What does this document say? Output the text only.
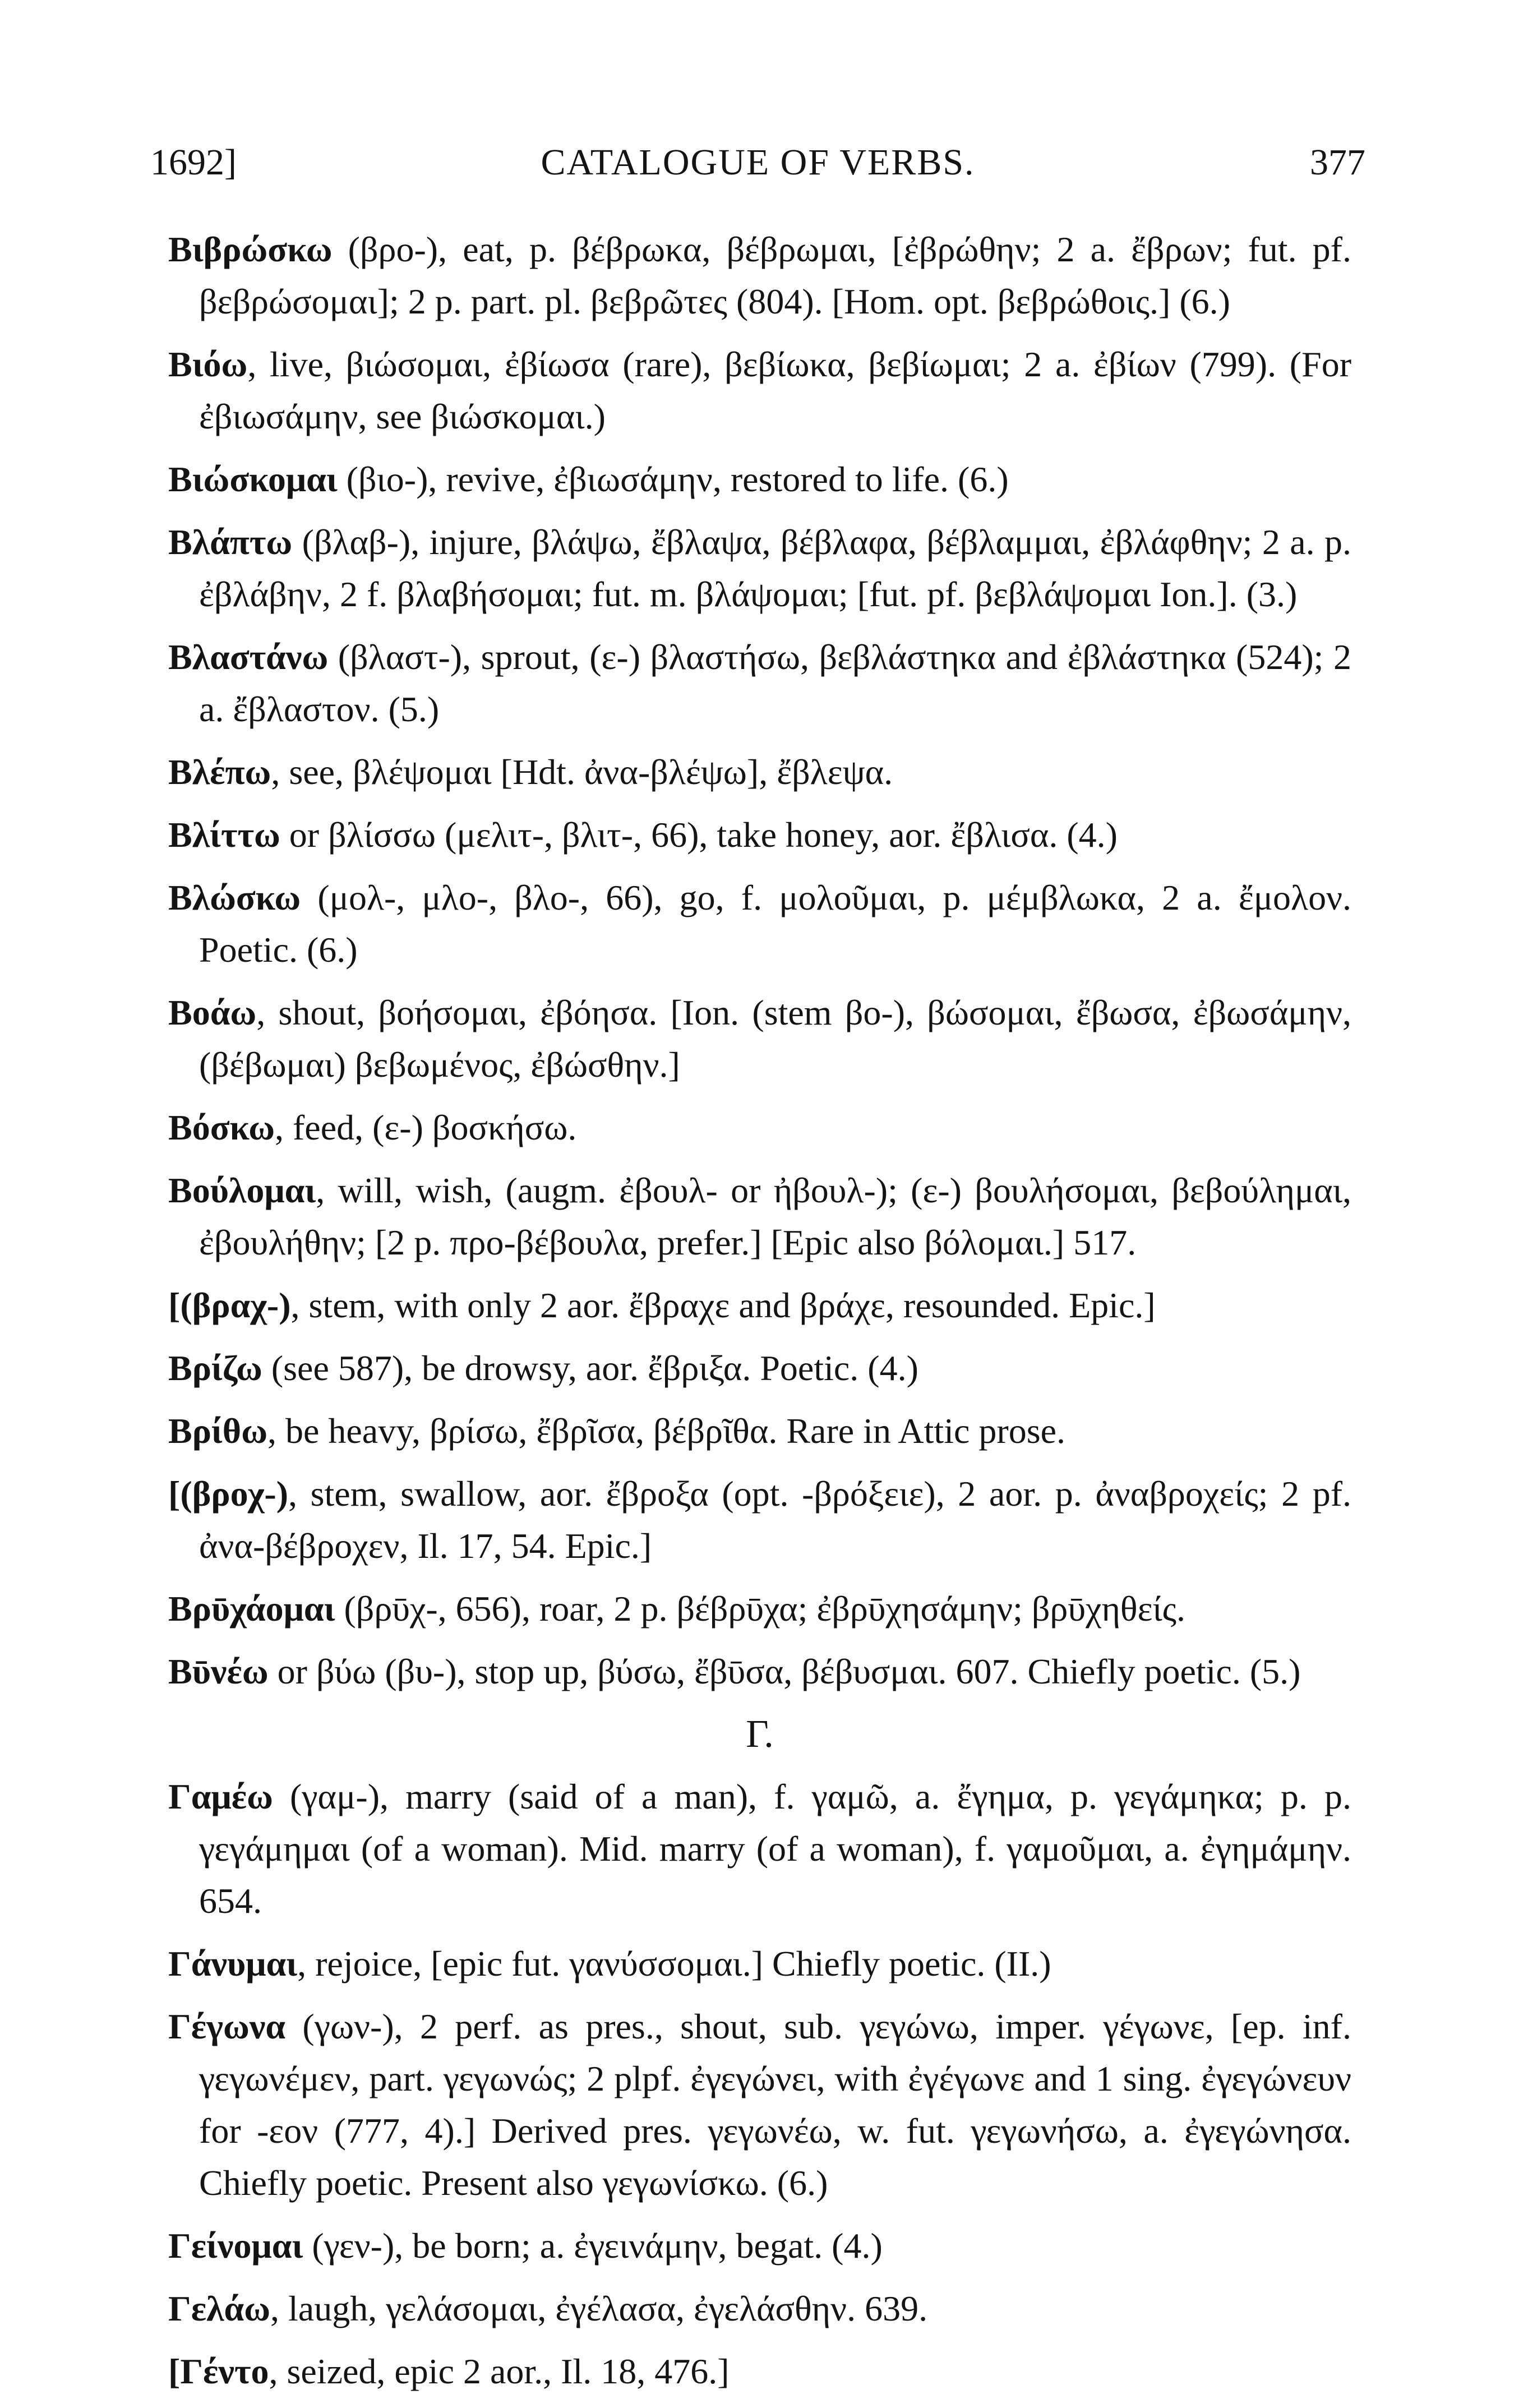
1692]	CATALOGUE OF VERBS.	377
Βιβρώσκω (βρο-), eat, p. βέβρωκα, βέβρωμαι, [ἐβρώθην; 2 a. ἔβρων; fut. pf. βεβρώσομαι]; 2 p. part. pl. βεβρῶτες (804). [Hom. opt. βεβρώθοις.] (6.)
Βιόω, live, βιώσομαι, ἐβίωσα (rare), βεβίωκα, βεβίωμαι; 2 a. ἐβίων (799). (For ἐβιωσάμην, see βιώσκομαι.)
Βιώσκομαι (βιο-), revive, ἐβιωσάμην, restored to life. (6.)
Βλάπτω (βλαβ-), injure, βλάψω, ἔβλαψα, βέβλαφα, βέβλαμμαι, ἐβλάφθην; 2 a. p. ἐβλάβην, 2 f. βλαβήσομαι; fut. m. βλάψομαι; [fut. pf. βεβλάψομαι Ion.]. (3.)
Βλαστάνω (βλαστ-), sprout, (ε-) βλαστήσω, βεβλάστηκα and ἐβλάστηκα (524); 2 a. ἔβλαστον. (5.)
Βλέπω, see, βλέψομαι [Hdt. ἀνα-βλέψω], ἔβλεψα.
Βλίττω or βλίσσω (μελιτ-, βλιτ-, 66), take honey, aor. ἔβλισα. (4.)
Βλώσκω (μολ-, μλο-, βλο-, 66), go, f. μολοῦμαι, p. μέμβλωκα, 2 a. ἔμολον. Poetic. (6.)
Βοάω, shout, βοήσομαι, ἐβόησα. [Ion. (stem βο-), βώσομαι, ἔβωσα, ἐβωσάμην, (βέβωμαι) βεβωμένος, ἐβώσθην.]
Βόσκω, feed, (ε-) βοσκήσω.
Βούλομαι, will, wish, (augm. ἐβουλ- or ἠβουλ-); (ε-) βουλήσομαι, βεβούλημαι, ἐβουλήθην; [2 p. προ-βέβουλα, prefer.] [Epic also βόλομαι.] 517.
[(βραχ-), stem, with only 2 aor. ἔβραχε and βράχε, resounded. Epic.]
Βρίζω (see 587), be drowsy, aor. ἔβριξα. Poetic. (4.)
Βρίθω, be heavy, βρίσω, ἔβρῖσα, βέβρῖθα. Rare in Attic prose.
[(βροχ-), stem, swallow, aor. ἔβροξα (opt. -βρόξειε), 2 aor. p. ἀναβροχείς; 2 pf. ἀνα-βέβροχεν, Il. 17, 54. Epic.]
Βρῡχάομαι (βρῡχ-, 656), roar, 2 p. βέβρῡχα; ἐβρῡχησάμην; βρῡχηθείς.
Βῡνέω or βύω (βυ-), stop up, βύσω, ἔβῡσα, βέβυσμαι. 607. Chiefly poetic. (5.)
Γ.
Γαμέω (γαμ-), marry (said of a man), f. γαμῶ, a. ἔγημα, p. γεγάμηκα; p. p. γεγάμημαι (of a woman). Mid. marry (of a woman), f. γαμοῦμαι, a. ἐγημάμην. 654.
Γάνυμαι, rejoice, [epic fut. γανύσσομαι.] Chiefly poetic. (II.)
Γέγωνα (γων-), 2 perf. as pres., shout, sub. γεγώνω, imper. γέγωνε, [ep. inf. γεγωνέμεν, part. γεγωνώς; 2 plpf. ἐγεγώνει, with ἐγέγωνε and 1 sing. ἐγεγώνευν for -εον (777, 4).] Derived pres. γεγωνέω, w. fut. γεγωνήσω, a. ἐγεγώνησα. Chiefly poetic. Present also γεγωνίσκω. (6.)
Γείνομαι (γεν-), be born; a. ἐγεινάμην, begat. (4.)
Γελάω, laugh, γελάσομαι, ἐγέλασα, ἐγελάσθην. 639.
[Γέντο, seized, epic 2 aor., Il. 18, 476.]
